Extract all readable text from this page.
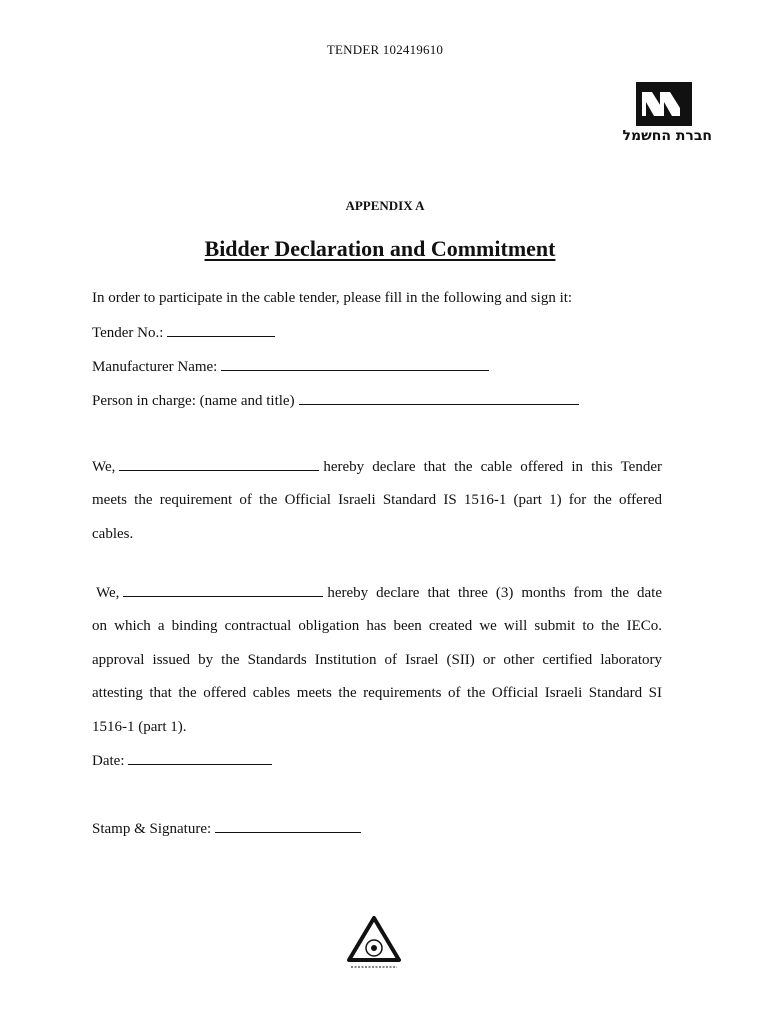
TENDER 102419610
חברת החשמל
APPENDIX A
Bidder Declaration and Commitment
In order to participate in the cable tender, please fill in the following and sign it:
Tender No.:
Manufacturer Name:
Person in charge: (name and title)
We,	hereby declare that the cable offered in this Tender
meets the requirement of the Official Israeli Standard IS 1516-1 (part 1) for the offered
cables.
We,	hereby declare that three (3) months from the date
on which a binding contractual obligation has been created we will submit to the IECo.
approval issued by the Standards Institution of Israel (SII) or other certified laboratory
attesting that the offered cables meets the requirements of the Official Israeli Standard SI
1516-1 (part 1).
Date:
Stamp & Signature:
